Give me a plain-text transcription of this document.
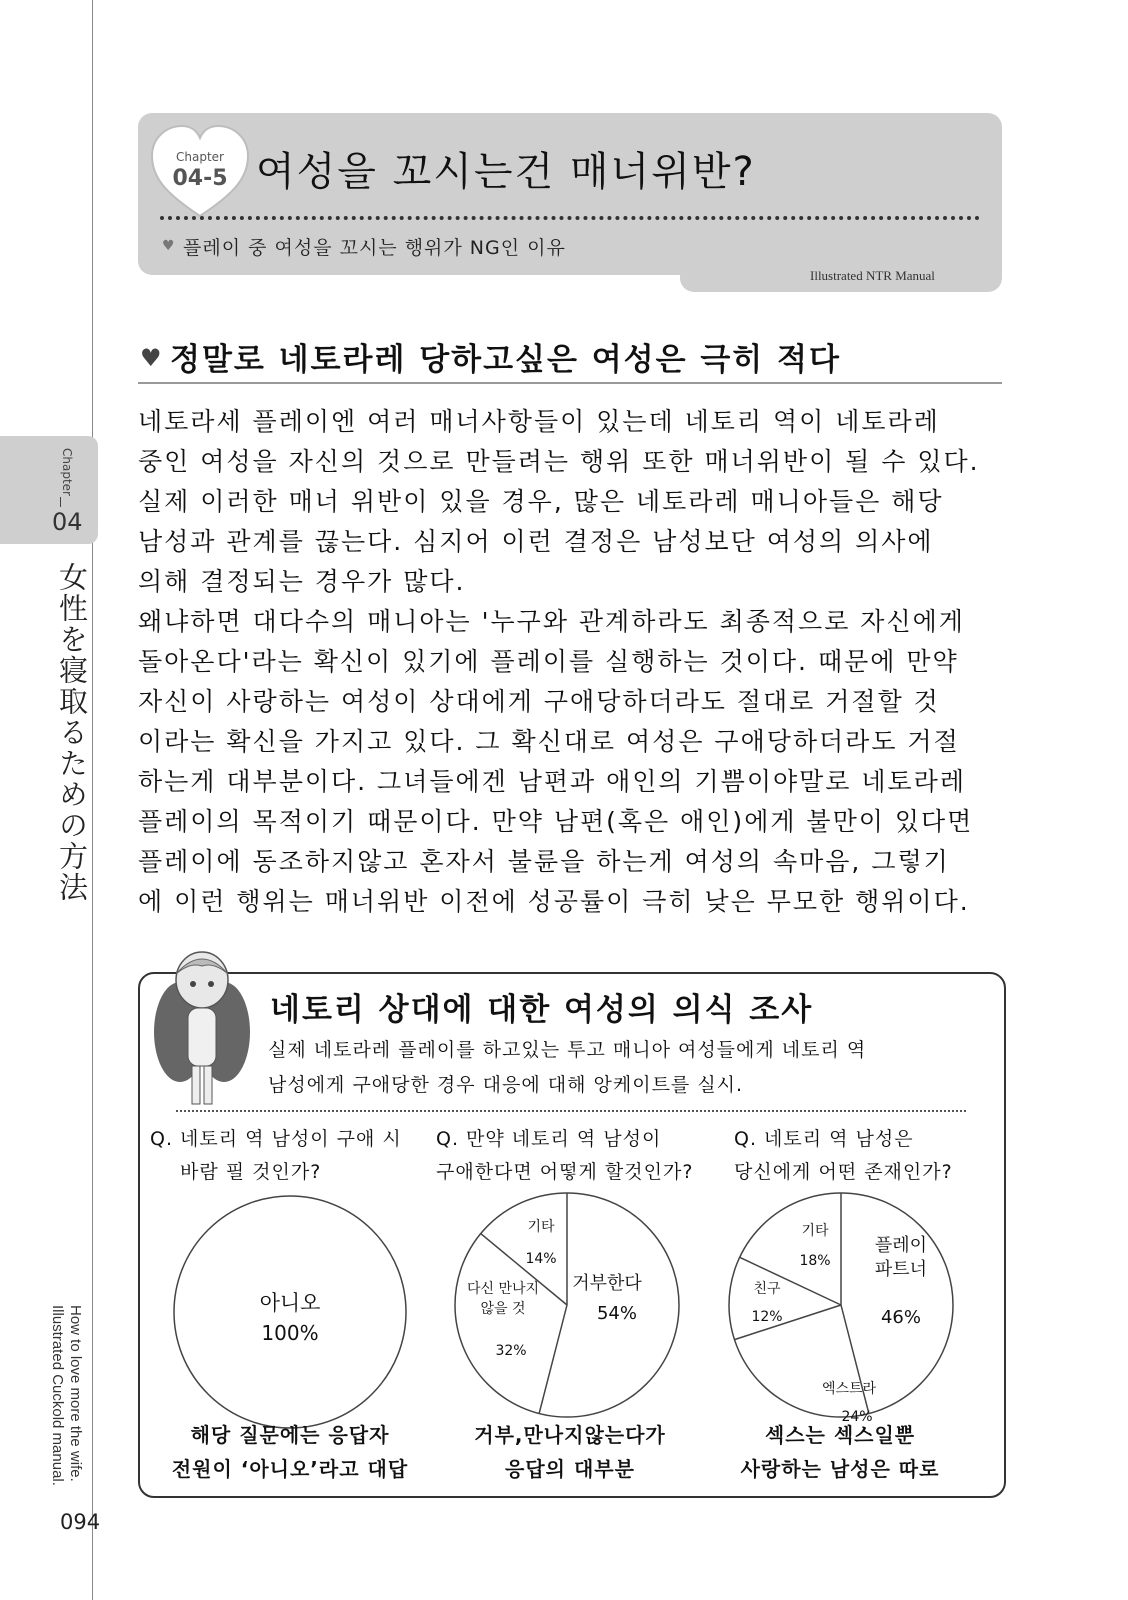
Chapter
04
女性を寝取るための方法
How to love more the wife.
Illustrated Cuckold manual.
094
Chapter
04-5 여성을 꼬시는건 매너위반?
♥ 플레이 중 여성을 꼬시는 행위가 NG인 이유
Illustrated NTR Manual
♥ 정말로 네토라레 당하고싶은 여성은 극히 적다

네토라세 플레이엔 여러 매너사항들이 있는데 네토리 역이 네토라레

중인 여성을 자신의 것으로 만들려는 행위 또한 매너위반이 될 수 있다.

실제 이러한 매너 위반이 있을 경우, 많은 네토라레 매니아들은 해당

남성과 관계를 끊는다. 심지어 이런 결정은 남성보단 여성의 의사에

의해 결정되는 경우가 많다.

왜냐하면 대다수의 매니아는 '누구와 관계하라도 최종적으로 자신에게

돌아온다'라는 확신이 있기에 플레이를 실행하는 것이다. 때문에 만약

자신이 사랑하는 여성이 상대에게 구애당하더라도 절대로 거절할 것

이라는 확신을 가지고 있다. 그 확신대로 여성은 구애당하더라도 거절

하는게 대부분이다. 그녀들에겐 남편과 애인의 기쁨이야말로 네토라레

플레이의 목적이기 때문이다. 만약 남편(혹은 애인)에게 불만이 있다면

플레이에 동조하지않고 혼자서 불륜을 하는게 여성의 속마음, 그렇기

에 이런 행위는 매너위반 이전에 성공률이 극히 낮은 무모한 행위이다.

네토리 상대에 대한 여성의 의식 조사

실제 네토라레 플레이를 하고있는 투고 매니아 여성들에게 네토리 역

남성에게 구애당한 경우 대응에 대해 앙케이트를 실시.

Q. 네토리 역 남성이 구애 시

바람 필 것인가?

Q. 만약 네토리 역 남성이

구애한다면 어떻게 할것인가?

Q. 네토리 역 남성은

당신에게 어떤 존재인가?

아니오
100%
거부한다
54%
다신 만나지
않을 것
32%
기타
14%
플레이
파트너
46%
엑스트라
24%
친구
12%
기타
18%

해당 질문에는 응답자

전원이 ‘아니오’라고 대답

거부,만나지않는다가

응답의 대부분

섹스는 섹스일뿐

사랑하는 남성은 따로
